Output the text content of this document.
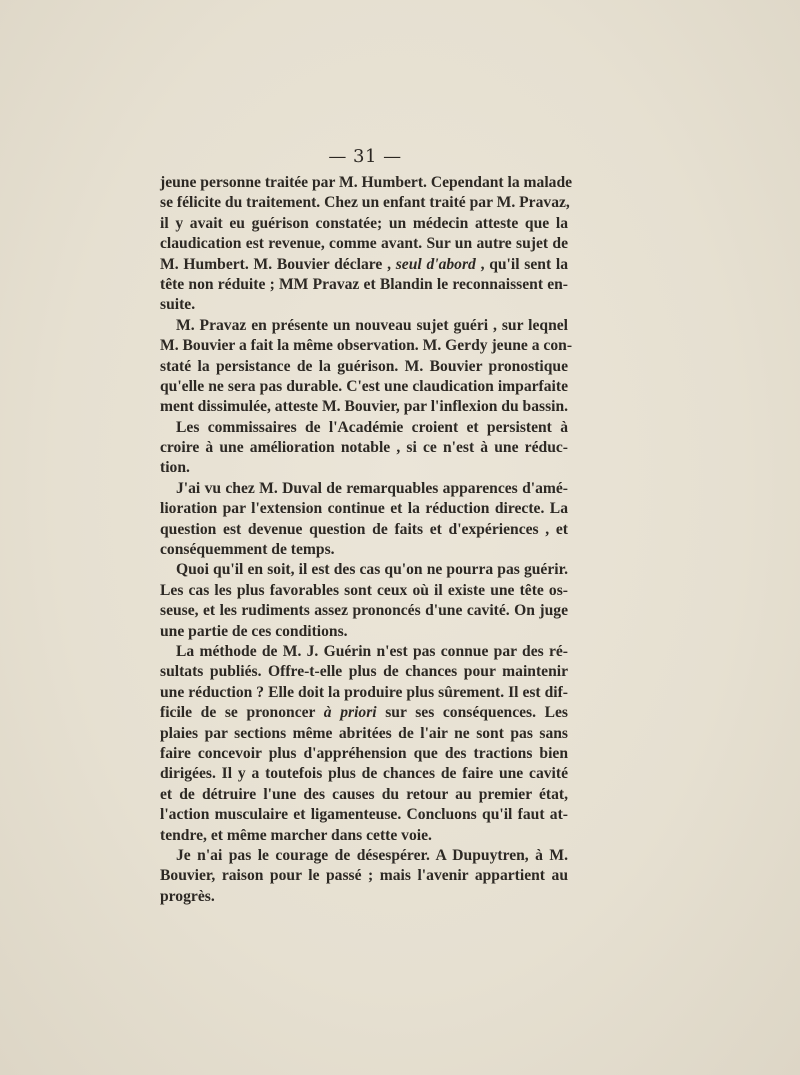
— 31 —
jeune personne traitée par M. Humbert. Cependant la malade
se félicite du traitement. Chez un enfant traité par M. Pravaz,
il y avait eu guérison constatée; un médecin atteste que la
claudication est revenue, comme avant. Sur un autre sujet de
M. Humbert. M. Bouvier déclare , seul d'abord , qu'il sent la
tête non réduite ; MM Pravaz et Blandin le reconnaissent en-
suite.
M. Pravaz en présente un nouveau sujet guéri , sur leqnel
M. Bouvier a fait la même observation. M. Gerdy jeune a con-
staté la persistance de la guérison. M. Bouvier pronostique
qu'elle ne sera pas durable. C'est une claudication imparfaite
ment dissimulée, atteste M. Bouvier, par l'inflexion du bassin.
Les commissaires de l'Académie croient et persistent à
croire à une amélioration notable , si ce n'est à une réduc-
tion.
J'ai vu chez M. Duval de remarquables apparences d'amé-
lioration par l'extension continue et la réduction directe. La
question est devenue question de faits et d'expériences , et
conséquemment de temps.
Quoi qu'il en soit, il est des cas qu'on ne pourra pas guérir.
Les cas les plus favorables sont ceux où il existe une tête os-
seuse, et les rudiments assez prononcés d'une cavité. On juge
une partie de ces conditions.
La méthode de M. J. Guérin n'est pas connue par des ré-
sultats publiés. Offre-t-elle plus de chances pour maintenir
une réduction ? Elle doit la produire plus sûrement. Il est dif-
ficile de se prononcer à priori sur ses conséquences. Les
plaies par sections même abritées de l'air ne sont pas sans
faire concevoir plus d'appréhension que des tractions bien
dirigées. Il y a toutefois plus de chances de faire une cavité
et de détruire l'une des causes du retour au premier état,
l'action musculaire et ligamenteuse. Concluons qu'il faut at-
tendre, et même marcher dans cette voie.
Je n'ai pas le courage de désespérer. A Dupuytren, à M.
Bouvier, raison pour le passé ; mais l'avenir appartient au
progrès.
